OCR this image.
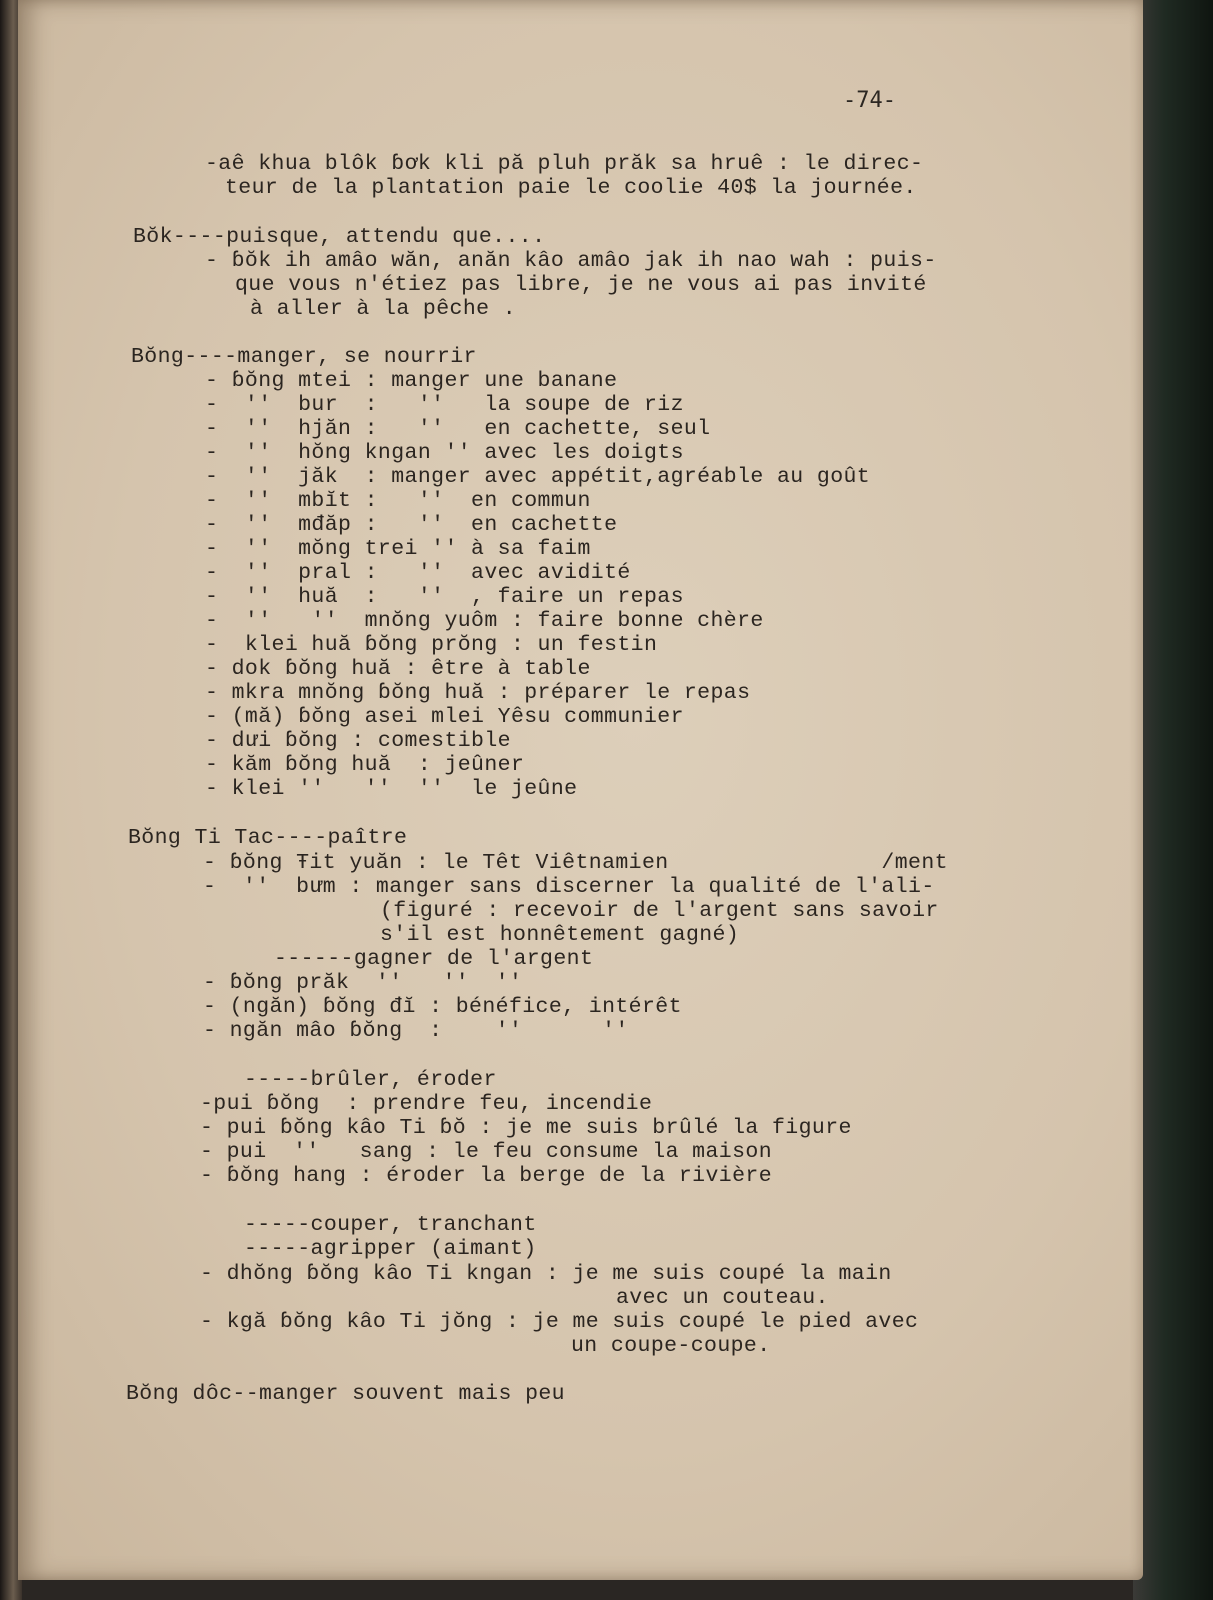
-74-

-aê khua blôk ɓơk kli pă pluh prăk sa hruê : le direc-

teur de la plantation paie le coolie 40$ la journée.

Bŏk----puisque, attendu que....

- ɓŏk ih amâo wăn, anăn kâo amâo jak ih nao wah : puis-

que vous n'étiez pas libre, je ne vous ai pas invité

à aller à la pêche .

Bŏng----manger, se nourrir

- ɓŏng mtei : manger une banane

-  ''  bur  :   ''   la soupe de riz

-  ''  hjăn :   ''   en cachette, seul

-  ''  hŏng kngan '' avec les doigts

-  ''  jăk  : manger avec appétit,agréable au goût

-  ''  mbĭt :   ''  en commun

-  ''  mđăp :   ''  en cachette

-  ''  mŏng trei '' à sa faim

-  ''  pral :   ''  avec avidité

-  ''  huă  :   ''  , faire un repas

-  ''   ''  mnŏng yuôm : faire bonne chère

-  klei huă ɓŏng prŏng : un festin

- dok ɓŏng huă : être à table

- mkra mnŏng ɓŏng huă : préparer le repas

- (mă) ɓŏng asei mlei Yêsu communier

- dưi ɓŏng : comestible

- kăm ɓŏng huă  : jeûner

- klei ''   ''  ''  le jeûne

Bŏng Ti Tac----paître

- ɓŏng Ŧit yuăn : le Têt Viêtnamien                /ment

-  ''  bưm : manger sans discerner la qualité de l'ali-

(figuré : recevoir de l'argent sans savoir

s'il est honnêtement gagné)

------gagner de l'argent

- ɓŏng prăk  ''   ''  ''

- (ngăn) ɓŏng đĭ : bénéfice, intérêt

- ngăn mâo ɓŏng  :    ''      ''

-----brûler, éroder

-pui ɓŏng  : prendre feu, incendie

- pui ɓŏng kâo Ti ɓŏ : je me suis brûlé la figure

- pui  ''   sang : le feu consume la maison

- ɓŏng hang : éroder la berge de la rivière

-----couper, tranchant

-----agripper (aimant)

- dhŏng ɓŏng kâo Ti kngan : je me suis coupé la main

avec un couteau.

- kgă ɓŏng kâo Ti jŏng : je me suis coupé le pied avec

un coupe-coupe.

Bŏng dôc--manger souvent mais peu
